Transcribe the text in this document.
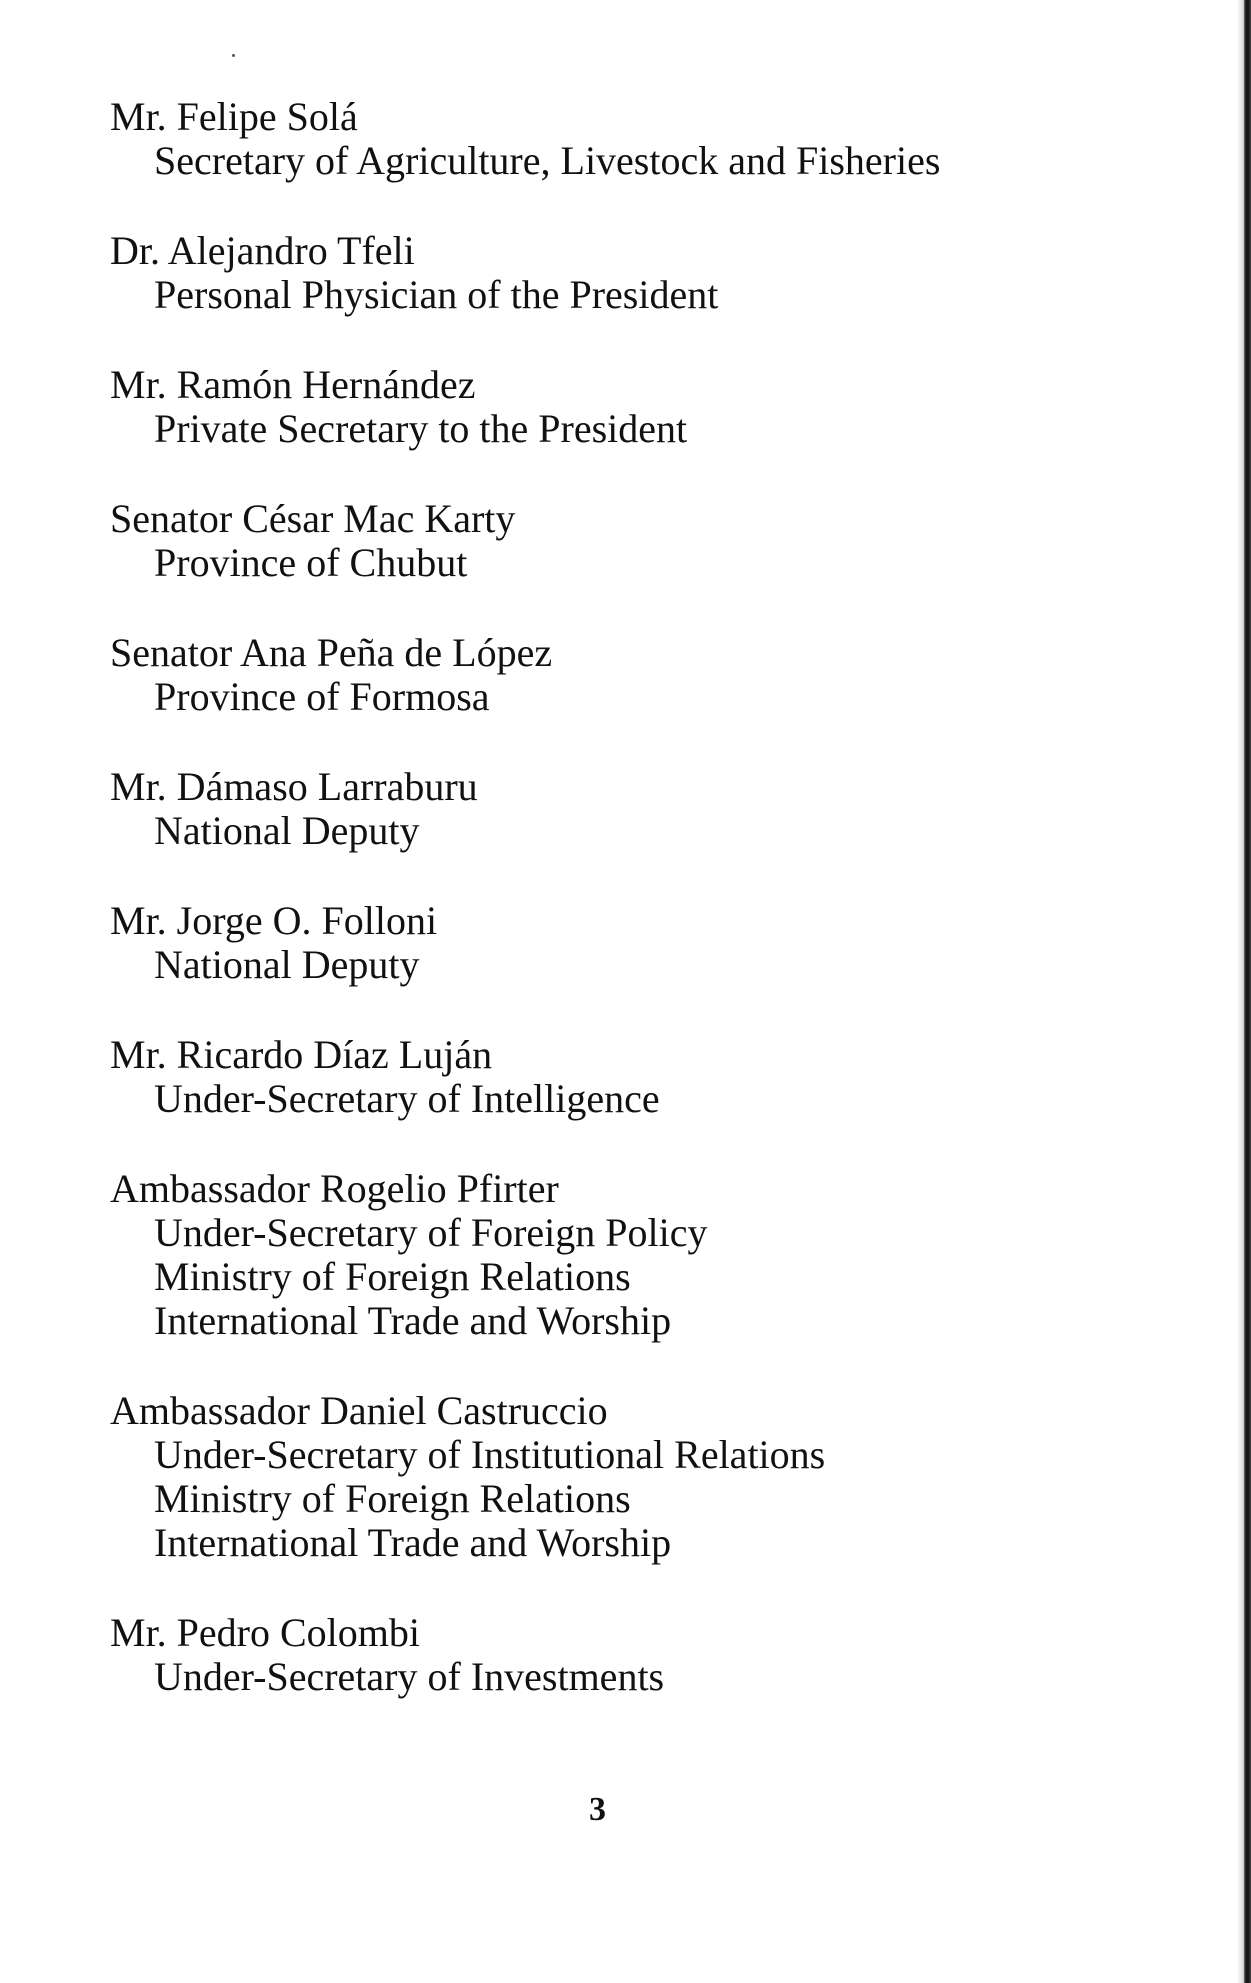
Mr. Felipe Solá
Secretary of Agriculture, Livestock and Fisheries
Dr. Alejandro Tfeli
Personal Physician of the President
Mr. Ramón Hernández
Private Secretary to the President
Senator César Mac Karty
Province of Chubut
Senator Ana Peña de López
Province of Formosa
Mr. Dámaso Larraburu
National Deputy
Mr. Jorge O. Folloni
National Deputy
Mr. Ricardo Díaz Luján
Under-Secretary of Intelligence
Ambassador Rogelio Pfirter
Under-Secretary of Foreign Policy
Ministry of Foreign Relations
International Trade and Worship
Ambassador Daniel Castruccio
Under-Secretary of Institutional Relations
Ministry of Foreign Relations
International Trade and Worship
Mr. Pedro Colombi
Under-Secretary of Investments
3
